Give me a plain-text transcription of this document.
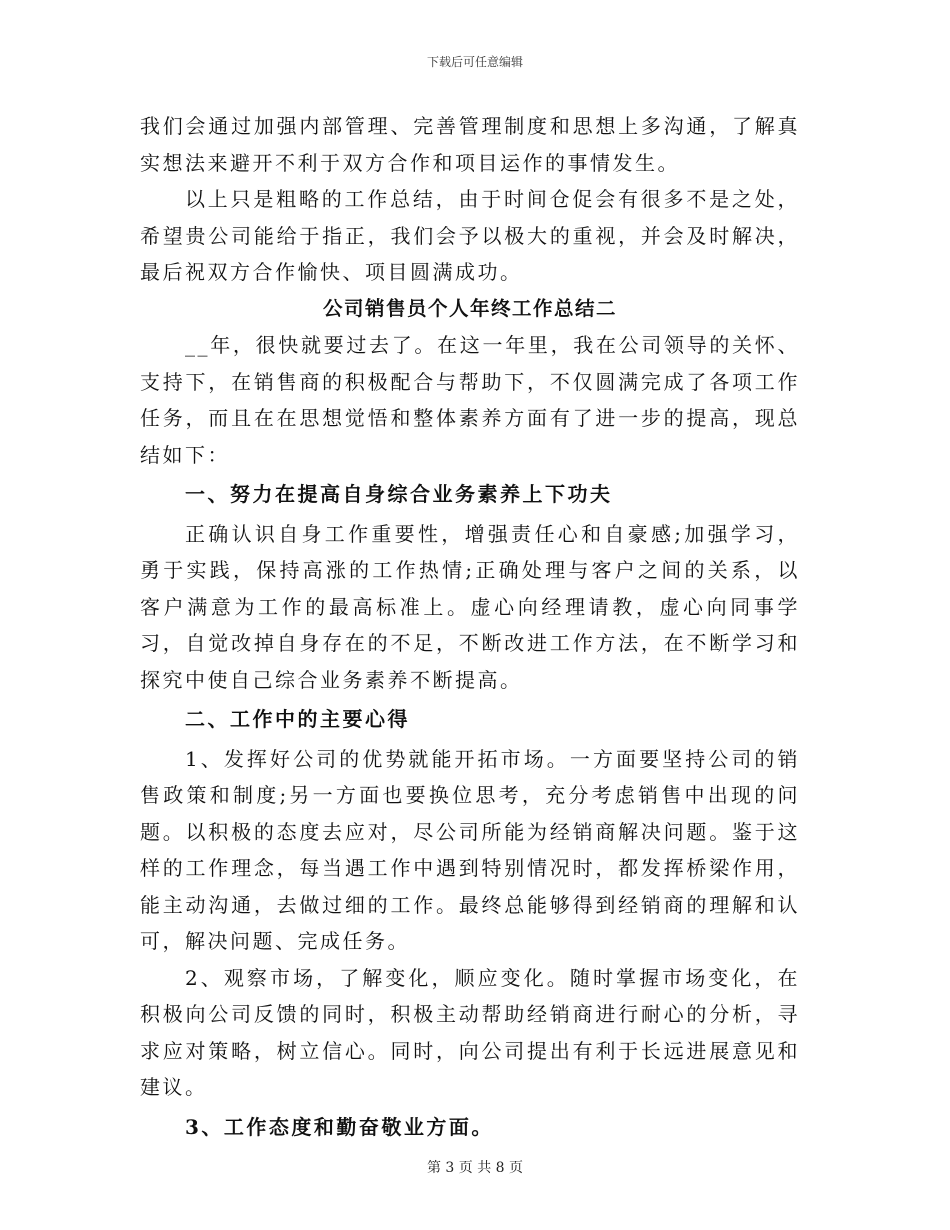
下载后可任意编辑

我们会通过加强内部管理、完善管理制度和思想上多沟通，了解真实想法来避开不利于双方合作和项目运作的事情发生。

以上只是粗略的工作总结，由于时间仓促会有很多不是之处，希望贵公司能给于指正，我们会予以极大的重视，并会及时解决，最后祝双方合作愉快、项目圆满成功。

公司销售员个人年终工作总结二

__年，很快就要过去了。在这一年里，我在公司领导的关怀、支持下，在销售商的积极配合与帮助下，不仅圆满完成了各项工作任务，而且在在思想觉悟和整体素养方面有了进一步的提高，现总结如下：

一、努力在提高自身综合业务素养上下功夫

正确认识自身工作重要性，增强责任心和自豪感;加强学习，勇于实践，保持高涨的工作热情;正确处理与客户之间的关系，以客户满意为工作的最高标准上。虚心向经理请教，虚心向同事学习，自觉改掉自身存在的不足，不断改进工作方法，在不断学习和探究中使自己综合业务素养不断提高。

二、工作中的主要心得

1、发挥好公司的优势就能开拓市场。一方面要坚持公司的销售政策和制度;另一方面也要换位思考，充分考虑销售中出现的问题。以积极的态度去应对，尽公司所能为经销商解决问题。鉴于这样的工作理念，每当遇工作中遇到特别情况时，都发挥桥梁作用，能主动沟通，去做过细的工作。最终总能够得到经销商的理解和认可，解决问题、完成任务。

2、观察市场，了解变化，顺应变化。随时掌握市场变化，在积极向公司反馈的同时，积极主动帮助经销商进行耐心的分析，寻求应对策略，树立信心。同时，向公司提出有利于长远进展意见和建议。

3、工作态度和勤奋敬业方面。

第 3 页 共 8 页
